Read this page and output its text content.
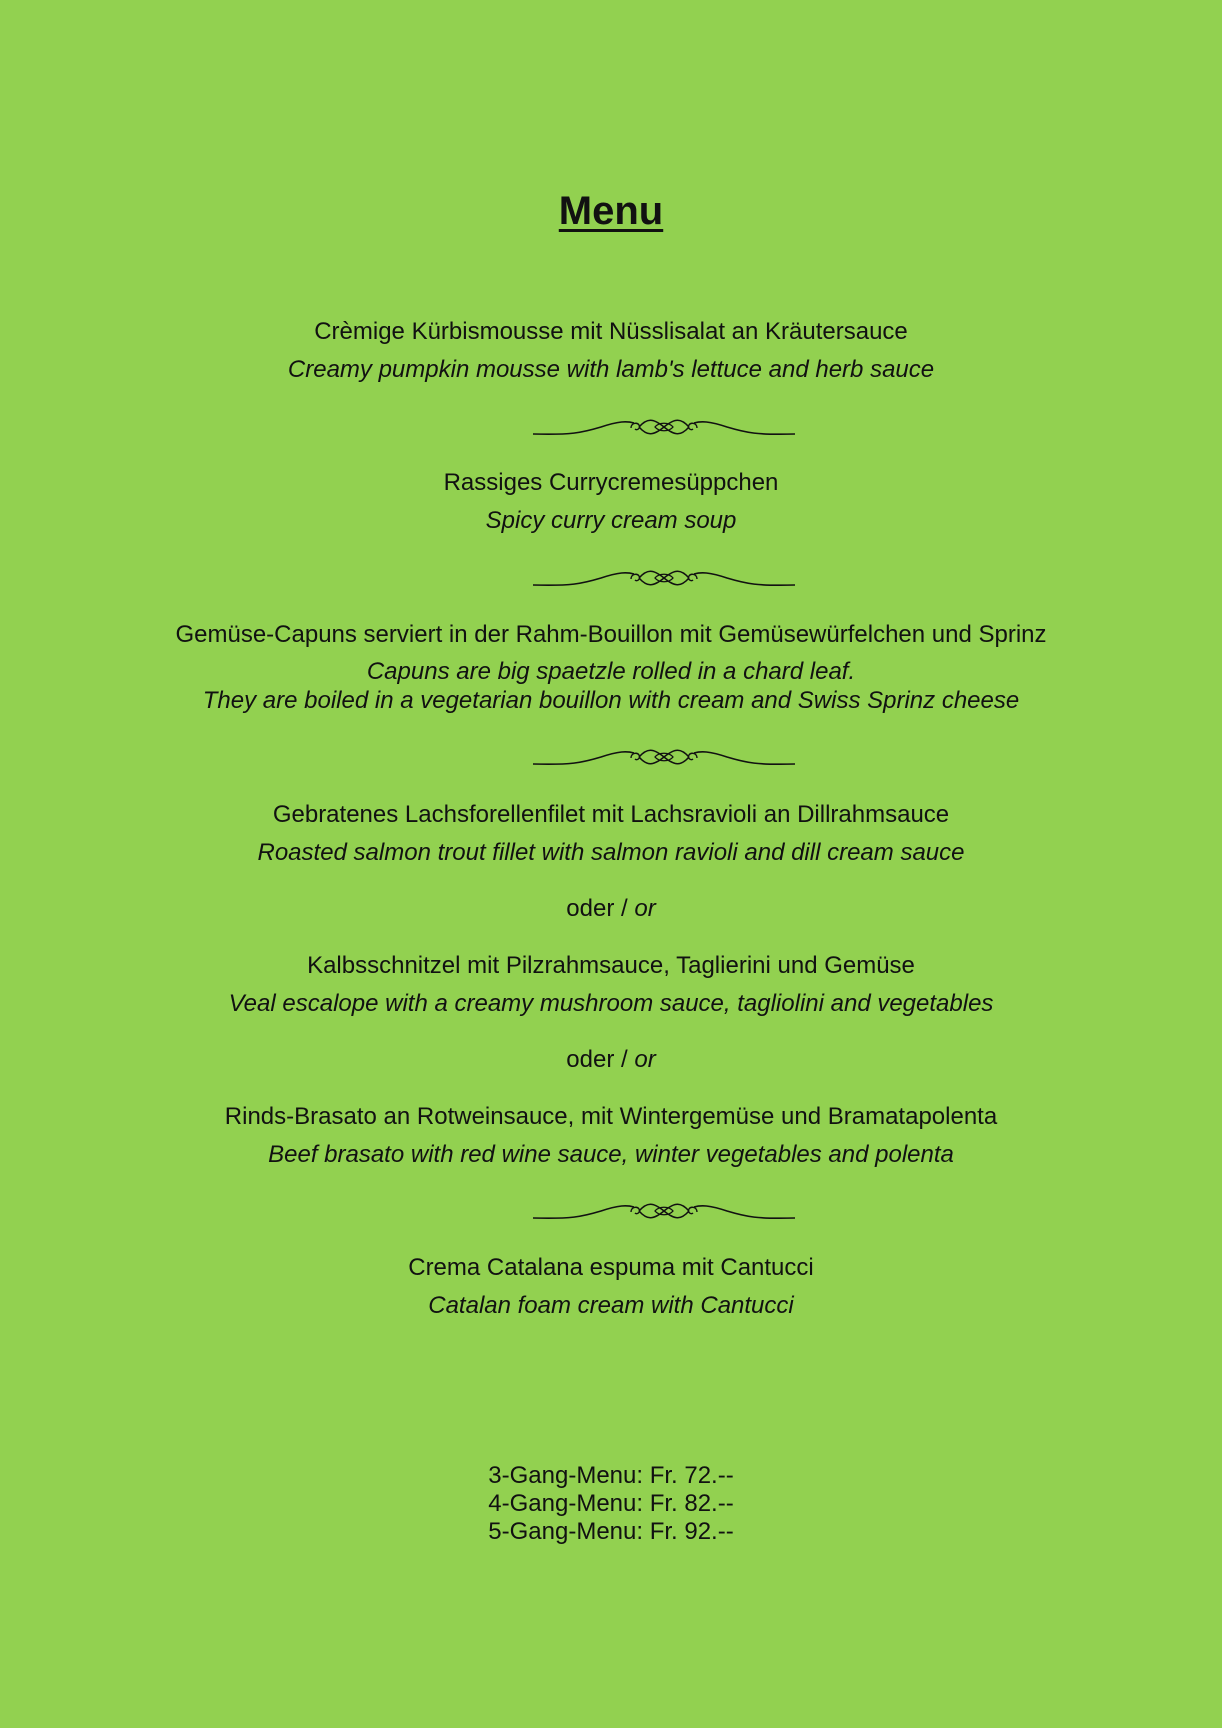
Menu

Crèmige Kürbismousse mit Nüsslisalat an Kräutersauce

Creamy pumpkin mousse with lamb's lettuce and herb sauce

Rassiges Currycremesüppchen

Spicy curry cream soup

Gemüse-Capuns serviert in der Rahm-Bouillon mit Gemüsewürfelchen und Sprinz

Capuns are big spaetzle rolled in a chard leaf.

They are boiled in a vegetarian bouillon with cream and Swiss Sprinz cheese

Gebratenes Lachsforellenfilet mit Lachsravioli an Dillrahmsauce

Roasted salmon trout fillet with salmon ravioli and dill cream sauce

oder / or

Kalbsschnitzel mit Pilzrahmsauce, Taglierini und Gemüse

Veal escalope with a creamy mushroom sauce, tagliolini and vegetables

oder / or

Rinds-Brasato an Rotweinsauce, mit Wintergemüse und Bramatapolenta

Beef brasato with red wine sauce, winter vegetables and polenta

Crema Catalana espuma mit Cantucci

Catalan foam cream with Cantucci

3-Gang-Menu: Fr. 72.--

4-Gang-Menu: Fr. 82.--

5-Gang-Menu: Fr. 92.--
